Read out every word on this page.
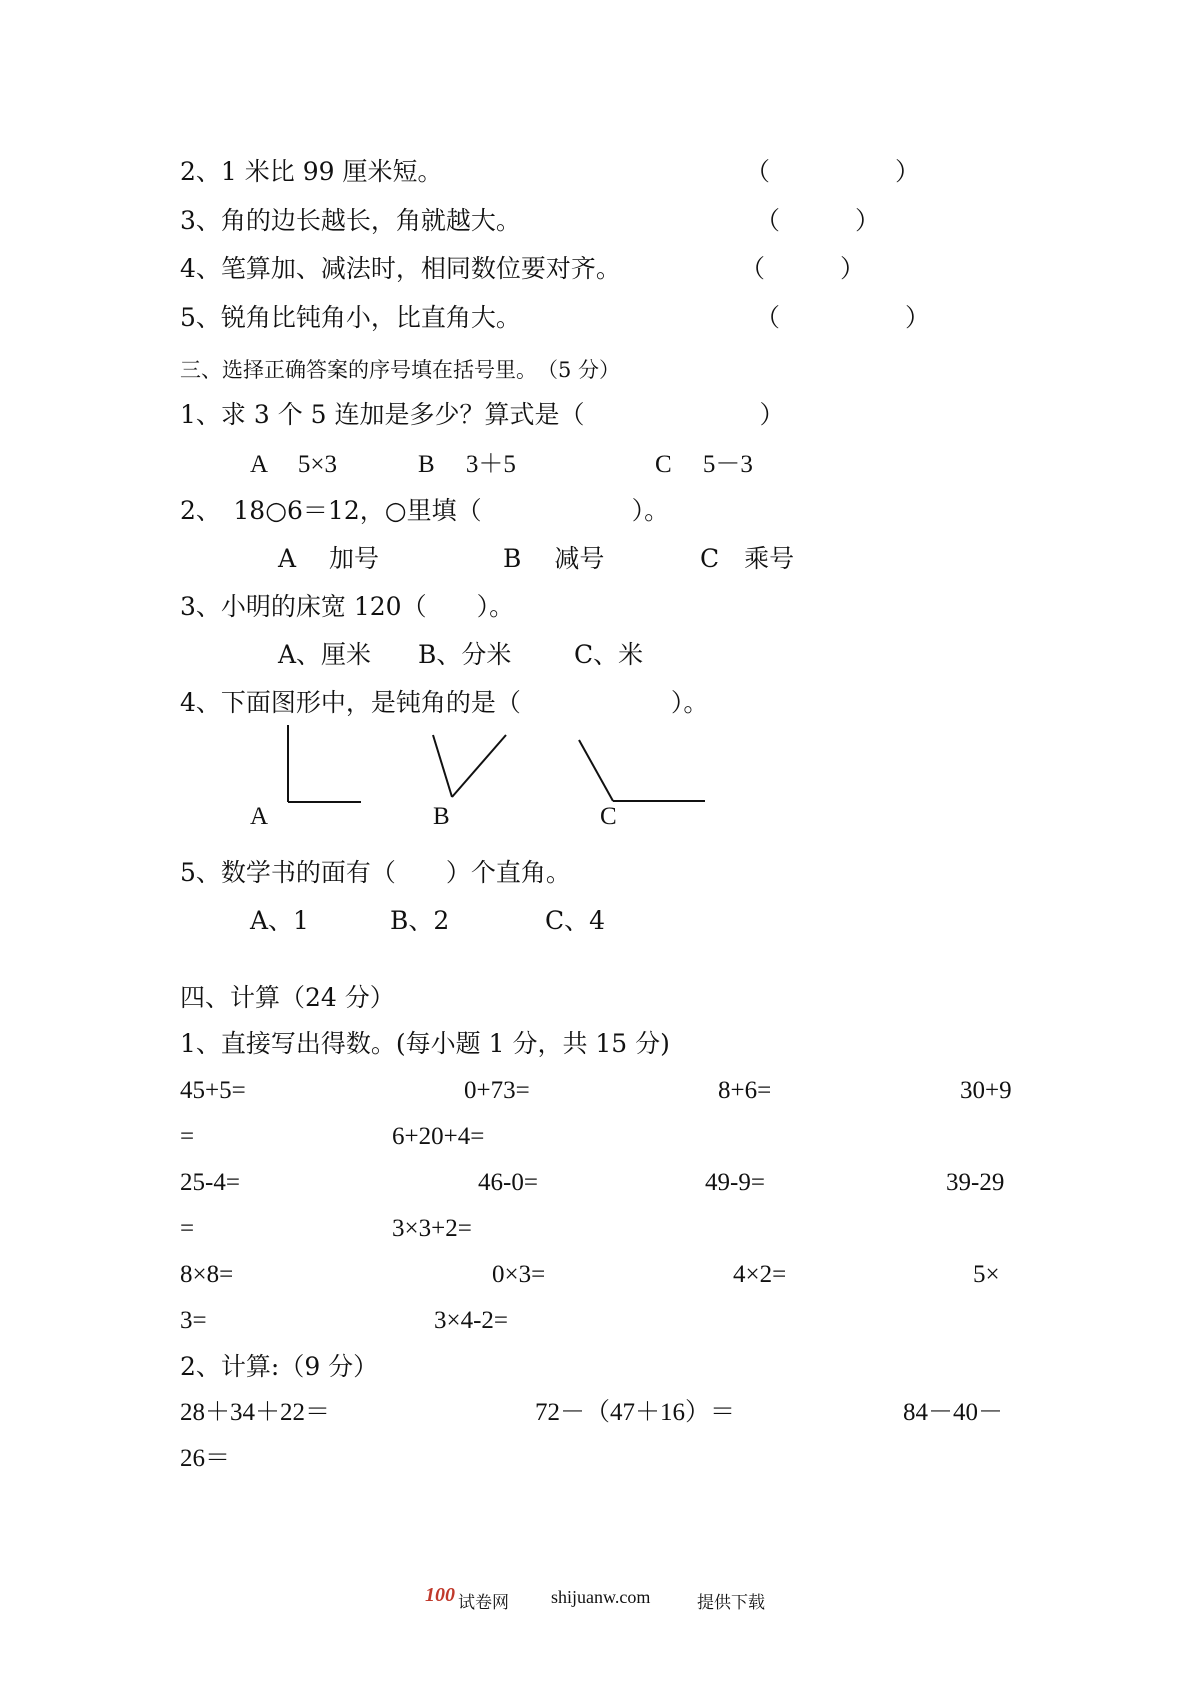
2、1 米比 99 厘米短。	（　　　　　）
3、角的边长越长，角就越大。	（　　　）
4、笔算加、减法时，相同数位要对齐。	（　　　）
5、锐角比钝角小，比直角大。	（　　　　　）
三、选择正确答案的序号填在括号里。　（5 分）
1、求 3 个 5 连加是多少？算式是（　　　　　　　）
A　 5×3	B　 3＋5	C　 5－3
2、　18○6＝12，○里填（　　　　　　）。
A　 加号	B　 减号	C　乘号
3、小明的床宽 120（　　）。
A、厘米 B、分米	C、米
4、下面图形中，是钝角的是（　　　　　　）。
A	B	C
5、数学书的面有（　　）个直角。
A、1	B、2	C、4
四、计算（24 分）
1、直接写出得数。(每小题 1 分，共 15 分)
45+5=	0+73=	8+6=	30+9
=	6+20+4=
25-4=	46-0=	49-9=	39-29
=	3×3+2=
8×8=	0×3=	4×2=	5×
3=	3×4-2=
2、计算:（9 分）
28＋34＋22＝	72－（47＋16）＝	84－40－
26＝
100 试卷网 shijuanw.com	提供下载
